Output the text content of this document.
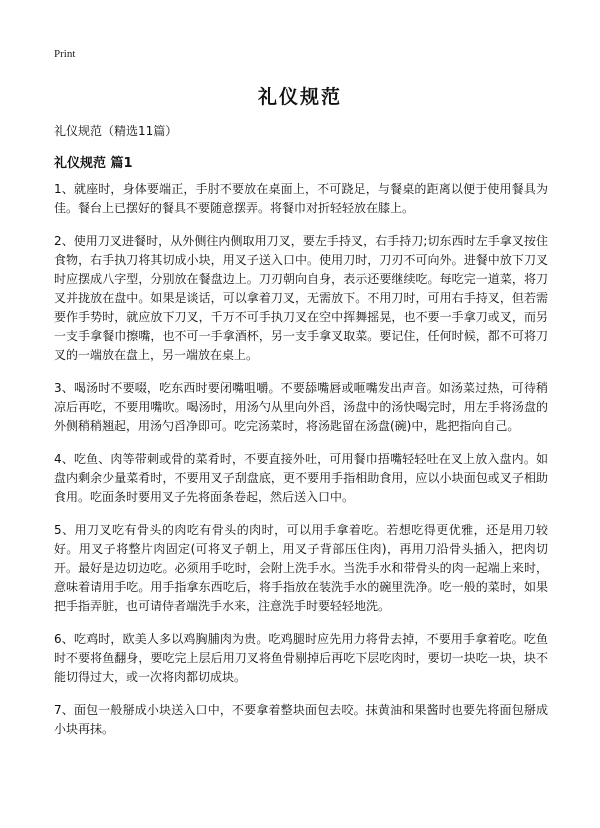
Print
礼仪规范

礼仪规范（精选11篇）

礼仪规范 篇1

1、就座时，身体要端正，手肘不要放在桌面上，不可跷足，与餐桌的距离以便于使用餐具为佳。餐台上已摆好的餐具不要随意摆弄。将餐巾对折轻轻放在膝上。

2、使用刀叉进餐时，从外侧往内侧取用刀叉，要左手持叉，右手持刀;切东西时左手拿叉按住食物，右手执刀将其切成小块，用叉子送入口中。使用刀时，刀刃不可向外。进餐中放下刀叉时应摆成八字型，分别放在餐盘边上。刀刃朝向自身，表示还要继续吃。每吃完一道菜，将刀叉并拢放在盘中。如果是谈话，可以拿着刀叉，无需放下。不用刀时，可用右手持叉，但若需要作手势时，就应放下刀叉，千万不可手执刀叉在空中挥舞摇晃，也不要一手拿刀或叉，而另一支手拿餐巾擦嘴，也不可一手拿酒杯，另一支手拿叉取菜。要记住，任何时候，都不可将刀叉的一端放在盘上，另一端放在桌上。

3、喝汤时不要啜，吃东西时要闭嘴咀嚼。不要舔嘴唇或咂嘴发出声音。如汤菜过热，可待稍凉后再吃，不要用嘴吹。喝汤时，用汤勺从里向外舀，汤盘中的汤快喝完时，用左手将汤盘的外侧稍稍翘起，用汤勺舀净即可。吃完汤菜时，将汤匙留在汤盘(碗)中，匙把指向自己。

4、吃鱼、肉等带刺或骨的菜肴时，不要直接外吐，可用餐巾捂嘴轻轻吐在叉上放入盘内。如盘内剩余少量菜肴时，不要用叉子刮盘底，更不要用手指相助食用，应以小块面包或叉子相助食用。吃面条时要用叉子先将面条卷起，然后送入口中。

5、用刀叉吃有骨头的肉吃有骨头的肉时，可以用手拿着吃。若想吃得更优雅，还是用刀较好。用叉子将整片肉固定(可将叉子朝上，用叉子背部压住肉)，再用刀沿骨头插入，把肉切开。最好是边切边吃。必须用手吃时，会附上洗手水。当洗手水和带骨头的肉一起端上来时，意味着请用手吃。用手指拿东西吃后，将手指放在装洗手水的碗里洗净。吃一般的菜时，如果把手指弄脏，也可请侍者端洗手水来，注意洗手时要轻轻地洗。

6、吃鸡时，欧美人多以鸡胸脯肉为贵。吃鸡腿时应先用力将骨去掉，不要用手拿着吃。吃鱼时不要将鱼翻身，要吃完上层后用刀叉将鱼骨剔掉后再吃下层吃肉时，要切一块吃一块，块不能切得过大，或一次将肉都切成块。

7、面包一般掰成小块送入口中，不要拿着整块面包去咬。抹黄油和果酱时也要先将面包掰成小块再抹。
